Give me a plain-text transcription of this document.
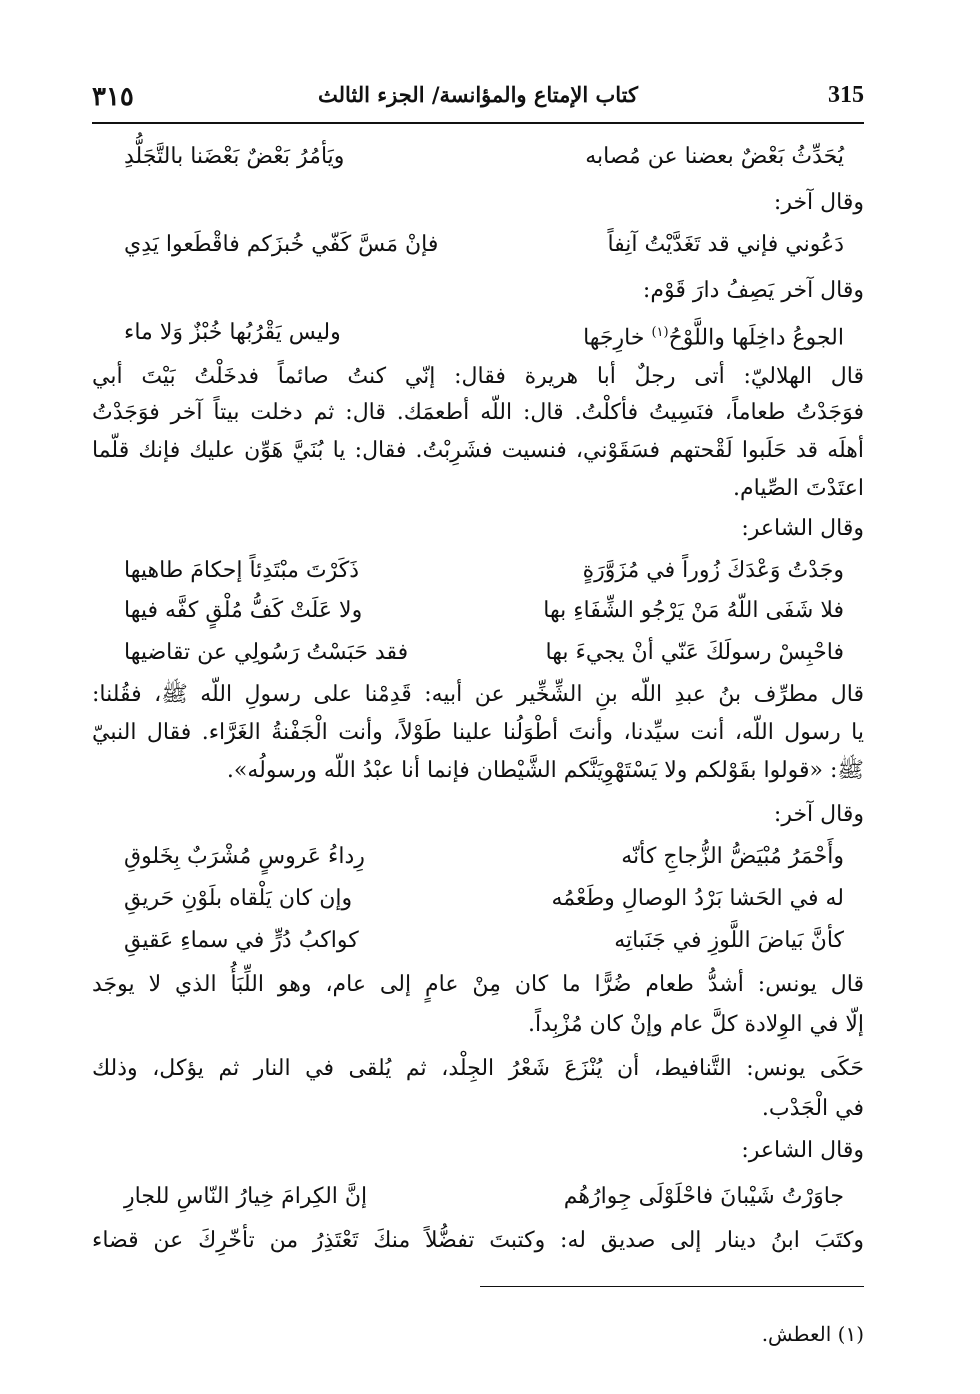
٣١٥	كتاب الإمتاع والمؤانسة/ الجزء الثالث	315
يُحَدِّثُ بَعْضٌ بعضنا عن مُصابه
ويَأمُرُ بَعْضٌ بَعْضَنا بالتَّجَلُّدِ
وقال آخر:
دَعُوني فإني قد تَغَدَّيْتُ آنِفاً
فإنْ مَسَّ كَفّي خُبزَكم فاقْطَعوا يَدِي
وقال آخر يَصِفُ دارَ قَوْم:
الجوعُ داخِلَها واللَّوْحُ$^{(١)}$ خارِجَها
وليس يَقْرُبُها خُبْزٌ وَلا ماء
قال الهلاليّ: أتى رجلٌ أبا هريرة فقال: إنّي كنتُ صائماً فدخَلْتُ بَيْتَ أبي
فوَجَدْتُ طعاماً، فنَسِيتُ فأكلْتُ. قال: اللّه أطعمَك. قال: ثم دخلت بيتاً آخر فوَجَدْتُ
أهلَه قد حَلَبوا لَقْحتهم فسَقَوْني، فنسيت فشَرِبْتُ. فقال: يا بُنَيَّ هَوِّن عليك فإنك قلّما
اعتَدْتَ الصِّيام.
وقال الشاعر:
وجَدْتُ وَعْدَكَ زُوراً في مُزَوَّرَةٍ
ذَكَرْتَ مبْتَدِئاً إحكامَ طاهيها
فلا شَفَى اللّهُ مَنْ يَرْجُو الشِّفَاءِ بها
ولا عَلَتْ كَفُّ مُلْقٍ كفَّه فيها
فاحْبِسْ رسولَكَ عَنّي أنْ يجيءَ بها
فقد حَبَسْتُ رَسُولِي عن تقاضيها
قال مطرِّف بنُ عبدِ اللّه بنِ الشِّخِّير عن أبيه: قَدِمْنا على رسولِ اللّه ﷺ، فقُلنا:
يا رسول اللّه، أنت سيِّدنا، وأنتَ أطْوَلُنا علينا طَوْلاً، وأنت الْجَفْنةُ الغَرَّاء. فقال النبيّ
ﷺ: «قولوا بقَوْلكم ولا يَسْتَهْوِيَنَّكم الشَّيْطان فإنما أنا عبْدُ اللّه ورسولُه».
وقال آخر:
وأَحْمَرُ مُبْيَضُّ الزُّجاجِ كأنّه
رِداءُ عَروسٍ مُشْرَبٌ بِخَلوقِ
له في الحَشا بَرْدُ الوصالِ وطَعْمُه
وإن كان يَلْقاه بلَوْنِ حَريقِ
كأنَّ بَياضَ اللَّوزِ في جَنَباتِه
كواكبُ دُرٍّ في سماءِ عَقيقِ
قال يونس: أشدُّ طعام ضُرًّا ما كان مِنْ عامٍ إلى عام، وهو اللِّبَأُ الذي لا يوجَد
إلّا في الوِلادة كلَّ عام وإنْ كان مُزْبِداً.
حَكَى يونس: التَّنافيط، أن يُنْزَعَ شَعْرُ الجِلْد، ثم يُلقى في النار ثم يؤكل، وذلك
في الْجَدْب.
وقال الشاعر:
جاوَرْتُ شَيْبانَ فاحْلَوْلَى جِوارُهُم
إنَّ الكِرامَ خِيارُ النّاسِ للجارِ
وكتَبَ ابنُ دينار إلى صديق له: وكتبتَ تفضُّلاً منكَ تَعْتَذِرُ من تأخّرِكَ عن قضاء
(١) العطش.
